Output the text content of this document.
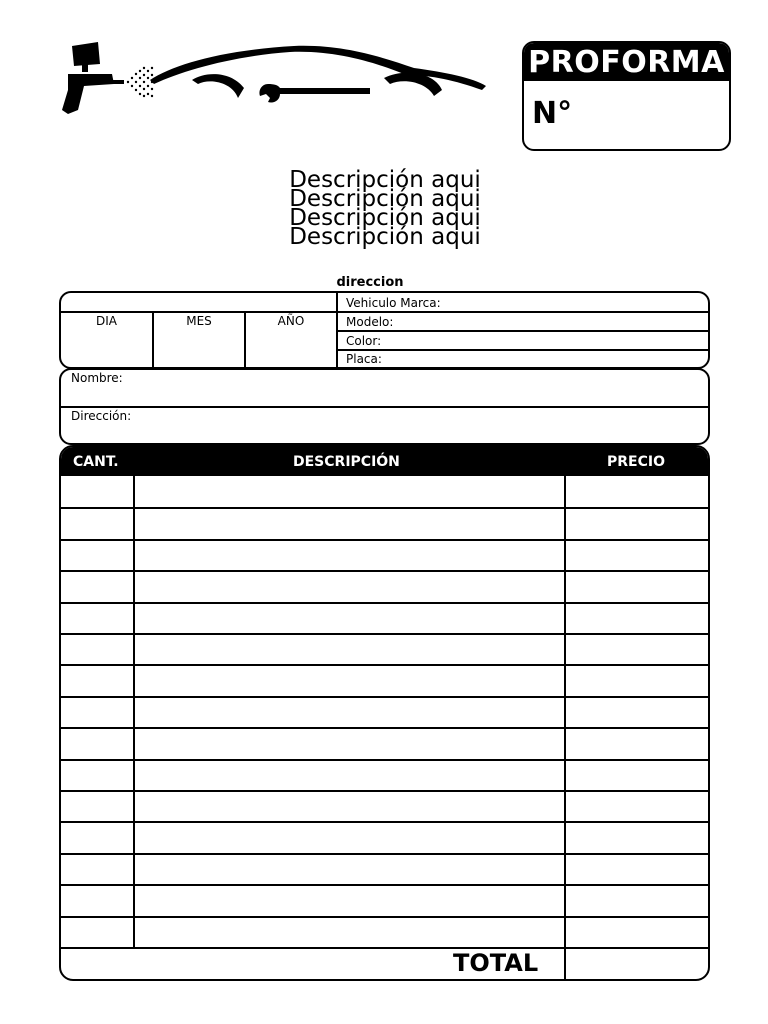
PROFORMA
N°
Descripción aqui
Descripción aqui
Descripción aqui
Descripción aqui
direccion
DIA	MES	AÑO
Vehiculo Marca:
Modelo:
Color:
Placa:
Nombre:
Dirección:
CANT.	DESCRIPCIÓN	PRECIO
TOTAL
